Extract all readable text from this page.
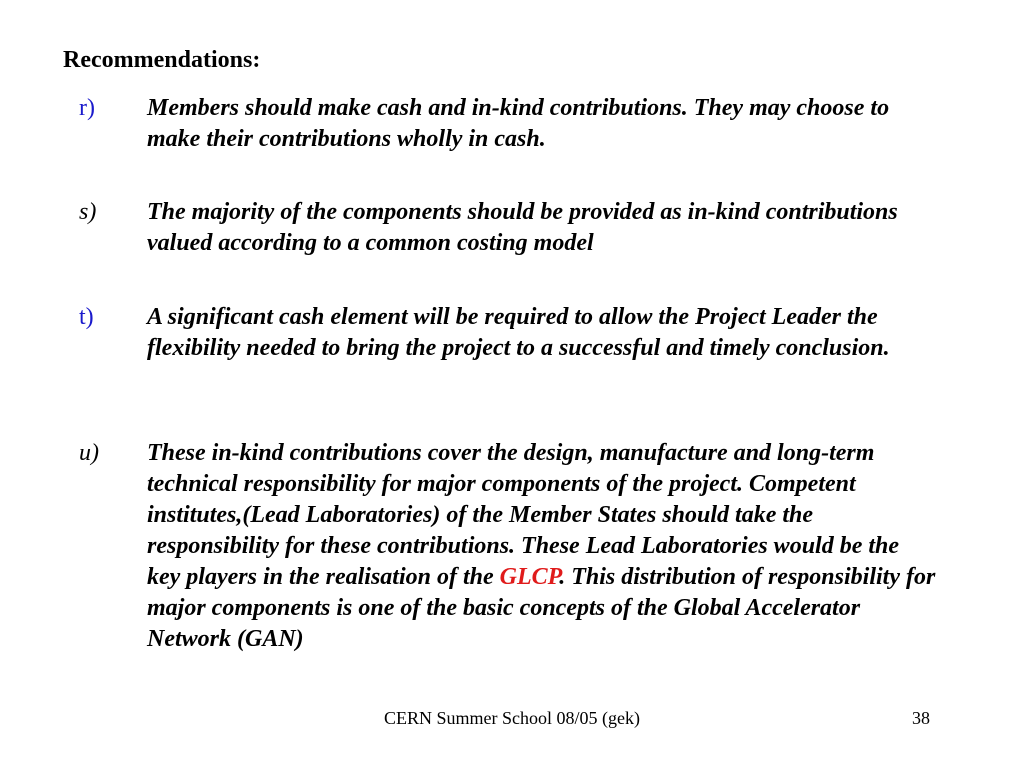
Recommendations:
r) Members should make cash and in-kind contributions. They may choose to make their contributions wholly in cash.

s) The majority of the components should be provided as in-kind contributions valued according to a common costing model

t) A significant cash element will be required to allow the Project Leader the flexibility needed to bring the project to a successful and timely conclusion.

u) These in-kind contributions cover the design, manufacture and long-term technical responsibility for major components of the project. Competent institutes,(Lead Laboratories) of the Member States should take the responsibility for these contributions. These Lead Laboratories would be the key players in the realisation of the GLCP. This distribution of responsibility for major components is one of the basic concepts of the Global Accelerator Network (GAN)

CERN Summer School 08/05 (gek)	38
